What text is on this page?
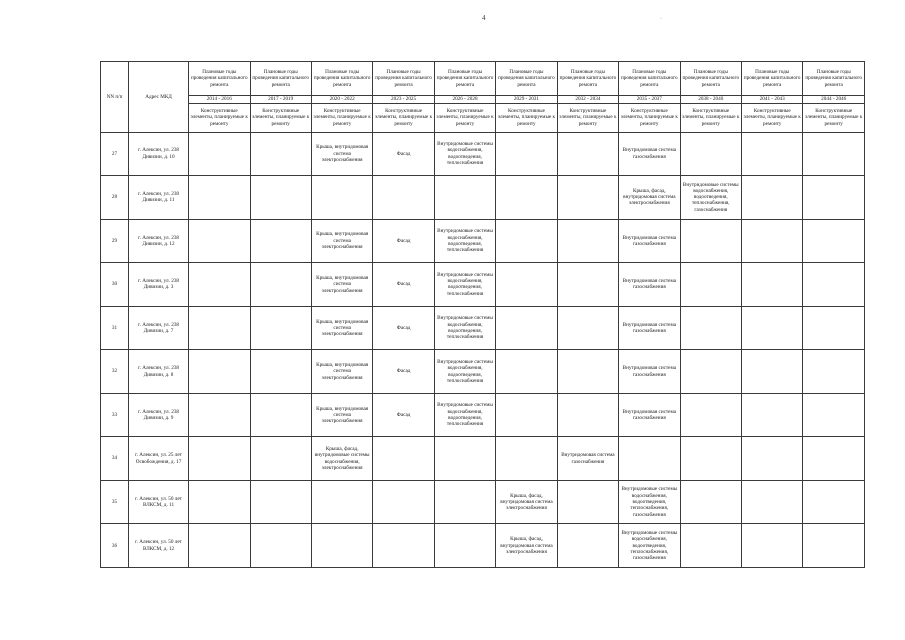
4	·
NN п/п	Адрес МКД	Плановые годы проведения капитального ремонта	Плановые годы проведения капитального ремонта	Плановые годы проведения капитального ремонта	Плановые годы проведения капитального ремонта	Плановые годы проведения капитального ремонта	Плановые годы проведения капитального ремонта	Плановые годы проведения капитального ремонта	Плановые годы проведения капитального ремонта	Плановые годы проведения капитального ремонта	Плановые годы проведения капитального ремонта	Плановые годы проведения капитального ремонта
		2014 - 2016	2017 - 2019	2020 - 2022	2023 - 2025	2026 - 2028	2029 - 2031	2032 - 2034	2035 - 2037	2038 - 2040	2041 - 2043	2044 - 2046
		Конструктивные элементы, планируемые к ремонту	Конструктивные элементы, планируемые к ремонту	Конструктивные элементы, планируемые к ремонту	Конструктивные элементы, планируемые к ремонту	Конструктивные элементы, планируемые к ремонту	Конструктивные элементы, планируемые к ремонту	Конструктивные элементы, планируемые к ремонту	Конструктивные элементы, планируемые к ремонту	Конструктивные элементы, планируемые к ремонту	Конструктивные элементы, планируемые к ремонту	Конструктивные элементы, планируемые к ремонту
27	г. Алексин, ул. 238 Дивизии, д. 10			Крыша, внутридомовая система электроснабжения	Фасад	Внутридомовые системы водоснабжения, водоотведения, теплоснабжения			Внутридомовая система газоснабжения			
28	г. Алексин, ул. 238 Дивизии, д. 11								Крыша, фасад, внутридомовая система электроснабжения	Внутридомовые системы водоснабжения, водоотведения, теплоснабжения, газоснабжения		
29	г. Алексин, ул. 238 Дивизии, д. 12			Крыша, внутридомовая система электроснабжения	Фасад	Внутридомовые системы водоснабжения, водоотведения, теплоснабжения			Внутридомовая система газоснабжения			
30	г. Алексин, ул. 238 Дивизии, д. 3			Крыша, внутридомовая система электроснабжения	Фасад	Внутридомовые системы водоснабжения, водоотведения, теплоснабжения			Внутридомовая система газоснабжения			
31	г. Алексин, ул. 238 Дивизии, д. 7			Крыша, внутридомовая система электроснабжения	Фасад	Внутридомовые системы водоснабжения, водоотведения, теплоснабжения			Внутридомовая система газоснабжения			
32	г. Алексин, ул. 238 Дивизии, д. 8			Крыша, внутридомовая система электроснабжения	Фасад	Внутридомовые системы водоснабжения, водоотведения, теплоснабжения			Внутридомовая система газоснабжения			
33	г. Алексин, ул. 238 Дивизии, д. 9			Крыша, внутридомовая система электроснабжения	Фасад	Внутридомовые системы водоснабжения, водоотведения, теплоснабжения			Внутридомовая система газоснабжения			
34	г. Алексин, ул. 25 лет Освобождения, д. 17			Крыша, фасад, внутридомовые системы водоснабжения, электроснабжения				Внутридомовая система газоснабжения				
35	г. Алексин, ул. 50 лет ВЛКСМ, д. 11						Крыша, фасад, внутридомовая система электроснабжения		Внутридомовые системы водоснабжения, водоотведения, теплоснабжения, газоснабжения			
36	г. Алексин, ул. 50 лет ВЛКСМ, д. 12						Крыша, фасад, внутридомовая система электроснабжения		Внутридомовые системы водоснабжения, водоотведения, теплоснабжения, газоснабжения			
